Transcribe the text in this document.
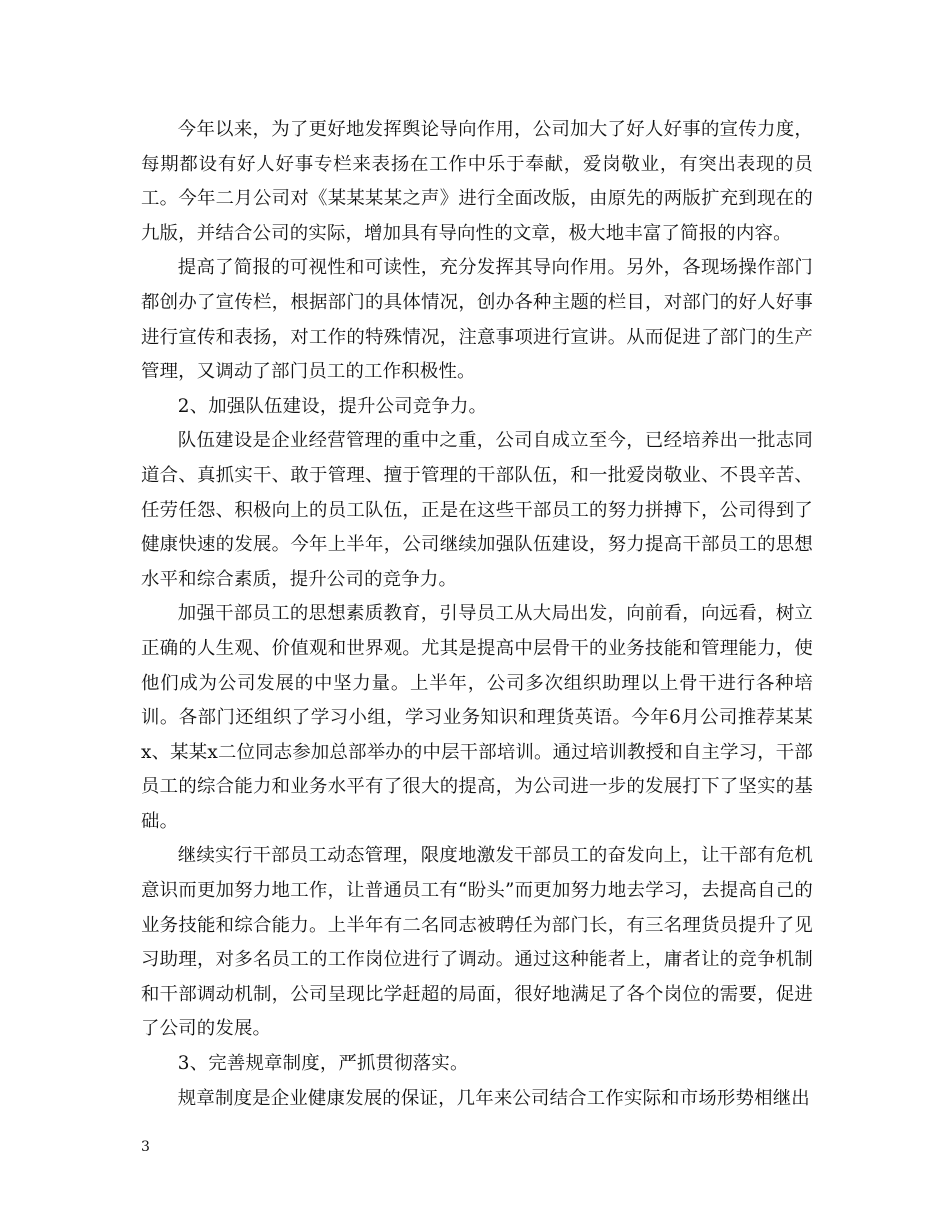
今年以来，为了更好地发挥舆论导向作用，公司加大了好人好事的宣传力度，每期都设有好人好事专栏来表扬在工作中乐于奉献，爱岗敬业，有突出表现的员工。今年二月公司对《某某某某之声》进行全面改版，由原先的两版扩充到现在的九版，并结合公司的实际，增加具有导向性的文章，极大地丰富了简报的内容。

提高了简报的可视性和可读性，充分发挥其导向作用。另外，各现场操作部门都创办了宣传栏，根据部门的具体情况，创办各种主题的栏目，对部门的好人好事进行宣传和表扬，对工作的特殊情况，注意事项进行宣讲。从而促进了部门的生产管理，又调动了部门员工的工作积极性。

2、加强队伍建设，提升公司竞争力。

队伍建设是企业经营管理的重中之重，公司自成立至今，已经培养出一批志同道合、真抓实干、敢于管理、擅于管理的干部队伍，和一批爱岗敬业、不畏辛苦、任劳任怨、积极向上的员工队伍，正是在这些干部员工的努力拼搏下，公司得到了健康快速的发展。今年上半年，公司继续加强队伍建设，努力提高干部员工的思想水平和综合素质，提升公司的竞争力。

加强干部员工的思想素质教育，引导员工从大局出发，向前看，向远看，树立正确的人生观、价值观和世界观。尤其是提高中层骨干的业务技能和管理能力，使他们成为公司发展的中坚力量。上半年，公司多次组织助理以上骨干进行各种培训。各部门还组织了学习小组，学习业务知识和理货英语。今年6月公司推荐某某x、某某x二位同志参加总部举办的中层干部培训。通过培训教授和自主学习，干部员工的综合能力和业务水平有了很大的提高，为公司进一步的发展打下了坚实的基础。

继续实行干部员工动态管理，限度地激发干部员工的奋发向上，让干部有危机意识而更加努力地工作，让普通员工有“盼头”而更加努力地去学习，去提高自己的业务技能和综合能力。上半年有二名同志被聘任为部门长，有三名理货员提升了见习助理，对多名员工的工作岗位进行了调动。通过这种能者上，庸者让的竞争机制和干部调动机制，公司呈现比学赶超的局面，很好地满足了各个岗位的需要，促进了公司的发展。

3、完善规章制度，严抓贯彻落实。

规章制度是企业健康发展的保证，几年来公司结合工作实际和市场形势相继出

3
